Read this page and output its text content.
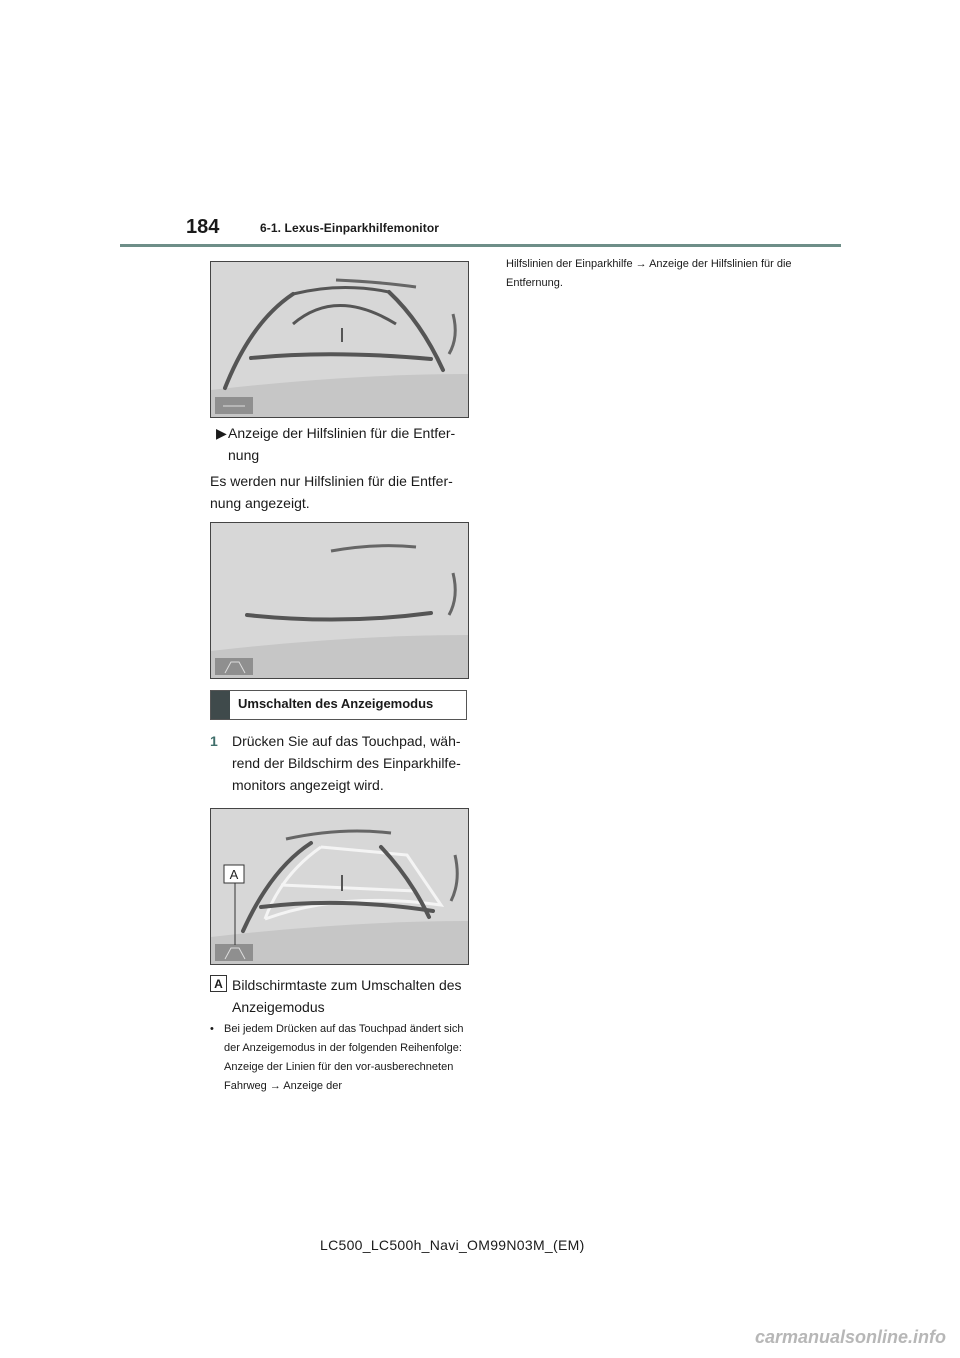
184	6-1. Lexus-Einparkhilfemonitor
▶ Anzeige der Hilfslinien für die Entfer-nung
Es werden nur Hilfslinien für die Entfer-nung angezeigt.
Umschalten des Anzeigemodus
1 Drücken Sie auf das Touchpad, wäh-rend der Bildschirm des Einparkhilfe-monitors angezeigt wird.
A
A Bildschirmtaste zum Umschalten des Anzeigemodus
• Bei jedem Drücken auf das Touchpad ändert sich der Anzeigemodus in der folgenden Reihenfolge: Anzeige der Linien für den vor-ausberechneten Fahrweg → Anzeige der
Hilfslinien der Einparkhilfe → Anzeige der Hilfslinien für die Entfernung.
LC500_LC500h_Navi_OM99N03M_(EM)
carmanualsonline.info
